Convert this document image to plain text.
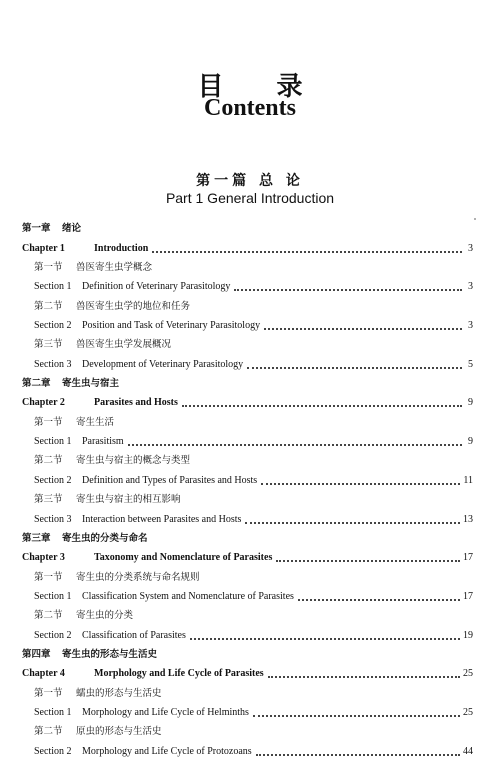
目 录
Contents
第一篇 总 论
Part 1 General Introduction
第一章 绪论
Chapter 1	Introduction	3
第一节 兽医寄生虫学概念
Section 1 Definition of Veterinary Parasitology	3
第二节 兽医寄生虫学的地位和任务
Section 2 Position and Task of Veterinary Parasitology	3
第三节 兽医寄生虫学发展概况
Section 3 Development of Veterinary Parasitology	5
第二章 寄生虫与宿主
Chapter 2	Parasites and Hosts	9
第一节 寄生生活
Section 1 Parasitism	9
第二节 寄生虫与宿主的概念与类型
Section 2 Definition and Types of Parasites and Hosts	11
第三节 寄生虫与宿主的相互影响
Section 3 Interaction between Parasites and Hosts	13
第三章 寄生虫的分类与命名
Chapter 3	Taxonomy and Nomenclature of Parasites	17
第一节 寄生虫的分类系统与命名规则
Section 1 Classification System and Nomenclature of Parasites	17
第二节 寄生虫的分类
Section 2 Classification of Parasites	19
第四章 寄生虫的形态与生活史
Chapter 4	Morphology and Life Cycle of Parasites	25
第一节 蠕虫的形态与生活史
Section 1 Morphology and Life Cycle of Helminths	25
第二节 原虫的形态与生活史
Section 2 Morphology and Life Cycle of Protozoans	44
